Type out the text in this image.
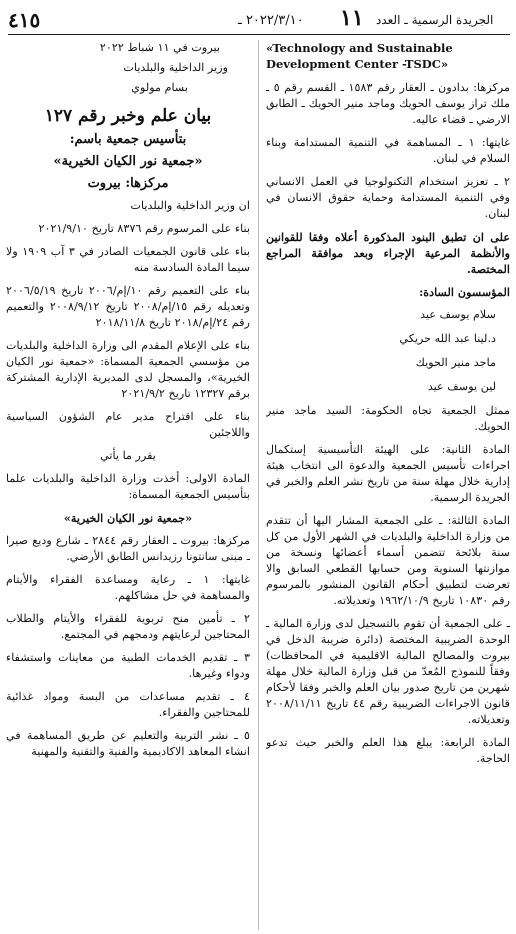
٤١٥	٢٠٢٢/٣/١٠ ـ ١١ الجريدة الرسمية ـ العدد

«Technology and Sustainable Development Center -TSDC»

مركزها: بدادون ـ العقار رقم ١٥٨٣ ـ القسم رقم ٥ ـ ملك تراز يوسف الحويك وماجد منير الحويك ـ الطابق الارضي ـ قضاء عاليه.

غايتها: ١ ـ المساهمة في التنمية المستدامة وبناء السلام في لبنان.

٢ ـ تعزيز استخدام التكنولوجيا في العمل الانساني وفي التنمية المستدامة وحماية حقوق الانسان في لبنان.

على ان تطبق البنود المذكورة أعلاه وفقا للقوانين والأنظمة المرعية الإجراء وبعد موافقة المراجع المختصة.

المؤسسون السادة:

سلام يوسف عيد

د.لينا عبد الله حريكي

ماجد منير الحويك

لين يوسف عيد

ممثل الجمعية تجاه الحكومة: السيد ماجد منير الحويك.

المادة الثانية: على الهيئة التأسيسية إستكمال اجراءات تأسيس الجمعية والدعوة الى انتخاب هيئة إدارية خلال مهلة سنة من تاريخ نشر العلم والخبر في الجريدة الرسمية.

المادة الثالثة: ـ على الجمعية المشار اليها أن تتقدم من وزارة الداخلية والبلديات في الشهر الأول من كل سنة بلائحة تتضمن أسماء أعضائها ونسخة من موازنتها السنوية ومن حسابها القطعي السابق والا تعرضت لتطبيق أحكام القانون المنشور بالمرسوم رقم ١٠٨٣٠ تاريخ ١٩٦٢/١٠/٩ وتعديلاته.

ـ على الجمعية أن تقوم بالتسجيل لدى وزارة المالية ـ الوحدة الضريبية المختصة (دائرة ضريبة الدخل في بيروت والمصالح المالية الاقليمية في المحافظات) وفقاً للنموذج المُعدّ من قبل وزارة المالية خلال مهلة شهرين من تاريخ صدور بيان العلم والخبر وفقا لأحكام قانون الاجراءات الضريبية رقم ٤٤ تاريخ ٢٠٠٨/١١/١١ وتعديلاته.

المادة الرابعة: يبلغ هذا العلم والخبر حيث تدعو الحاجة.

بيروت في ١١ شباط ٢٠٢٢

وزير الداخلية والبلديات

بسام مولوي

بيان علم وخبر رقم ١٢٧

بتأسيس جمعية باسم:

«جمعية نور الكيان الخيرية»

مركزها: بيروت

ان وزير الداخلية والبلديات

بناء على المرسوم رقم ٨٣٧٦ تاريخ ٢٠٢١/٩/١٠

بناء على قانون الجمعيات الصادر في ٣ آب ١٩٠٩ ولا سيما المادة السادسة منه

بناء على التعميم رقم ١٠/إم/٢٠٠٦ تاريخ ٢٠٠٦/٥/١٩ وتعديله رقم ١٥/إم/٢٠٠٨ تاريخ ٢٠٠٨/٩/١٢ والتعميم رقم ٢٤/إم/٢٠١٨ تاريخ ٢٠١٨/١١/٨

بناء على الإعلام المقدم الى وزارة الداخلية والبلديات من مؤسسي الجمعية المسماة: «جمعية نور الكيان الخيرية»، والمسجل لدى المديرية الإدارية المشتركة برقم ١٢٣٢٧ تاريخ ٢٠٢١/٩/٢

بناء على اقتراح مدير عام الشؤون السياسية واللاجئين

يقرر ما يأتي

المادة الاولى: أخذت وزارة الداخلية والبلديات علما بتأسيس الجمعية المسماة:

«جمعية نور الكيان الخيرية»

مركزها: بيروت ـ العقار رقم ٢٨٤٤ ـ شارع وديع صيرا ـ مبنى سانتونا رزيدانس الطابق الأرضي.

غايتها: ١ ـ رعاية ومساعدة الفقراء والأيتام والمساهمة في حل مشاكلهم.

٢ ـ تأمين منح تربوية للفقراء والأيتام والطلاب المحتاجين لرعايتهم ودمجهم في المجتمع.

٣ ـ تقديم الخدمات الطبية من معاينات واستشفاء ودواء وغيرها.

٤ ـ تقديم مساعدات من البسة ومواد غذائية للمحتاجين والفقراء.

٥ ـ نشر التربية والتعليم عن طريق المساهمة في انشاء المعاهد الاكاديمية والفنية والتقنية والمهنية
